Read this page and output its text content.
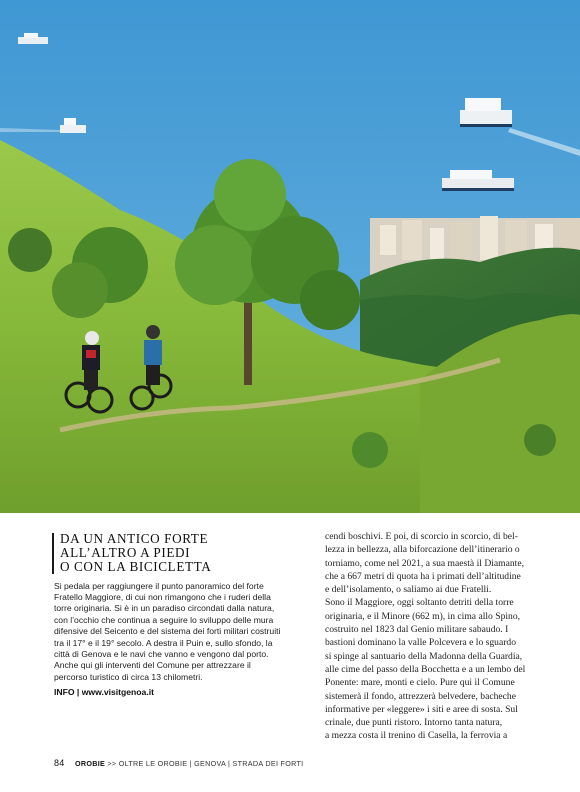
DA UN ANTICO FORTE
ALL’ALTRO A PIEDI
O CON LA BICICLETTA

Si pedala per raggiungere il punto panoramico del forte

Fratello Maggiore, di cui non rimangono che i ruderi della

torre originaria. Si è in un paradiso circondati dalla natura,

con l’occhio che continua a seguire lo sviluppo delle mura

difensive del Seicento e del sistema dei forti militari costruiti

tra il 17° e il 19° secolo. A destra il Puin e, sullo sfondo, la

città di Genova e le navi che vanno e vengono dal porto.

Anche qui gli interventi del Comune per attrezzare il

percorso turistico di circa 13 chilometri.

INFO | www.visitgenoa.it

cendi boschivi. E poi, di scorcio in scorcio, di bel-

lezza in bellezza, alla biforcazione dell’itinerario o

torniamo, come nel 2021, a sua maestà il Diamante,

che a 667 metri di quota ha i primati dell’altitudine

e dell’isolamento, o saliamo ai due Fratelli.

Sono il Maggiore, oggi soltanto detriti della torre

originaria, e il Minore (662 m), in cima allo Spino,

costruito nel 1823 dal Genio militare sabaudo. I

bastioni dominano la valle Polcevera e lo sguardo

si spinge al santuario della Madonna della Guardia,

alle cime del passo della Bocchetta e a un lembo del

Ponente: mare, monti e cielo. Pure qui il Comune

sistemerà il fondo, attrezzerà belvedere, bacheche

informative per «leggere» i siti e aree di sosta. Sul

crinale, due punti ristoro. Intorno tanta natura,

a mezza costa il trenino di Casella, la ferrovia a

84 OROBIE >> OLTRE LE OROBIE | GENOVA | STRADA DEI FORTI
